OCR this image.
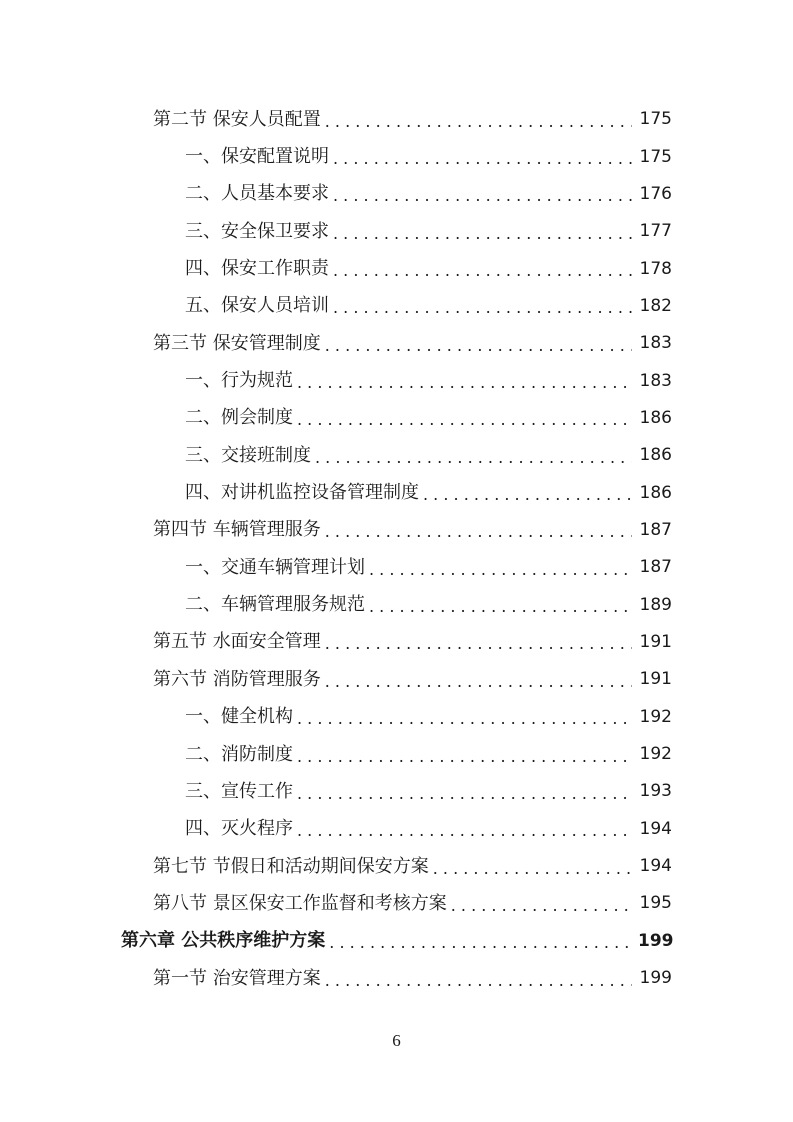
第二节 保安人员配置 . . .	175
一、保安配置说明 . . .	175
二、人员基本要求 . . .	176
三、安全保卫要求 . . .	177
四、保安工作职责 . . .	178
五、保安人员培训 . . .	182
第三节 保安管理制度 . . .	183
一、行为规范 . . .	183
二、例会制度 . . .	186
三、交接班制度 . . .	186
四、对讲机监控设备管理制度 . . .	186
第四节 车辆管理服务 . . .	187
一、交通车辆管理计划 . . .	187
二、车辆管理服务规范 . . .	189
第五节 水面安全管理 . . .	191
第六节 消防管理服务 . . .	191
一、健全机构 . . .	192
二、消防制度 . . .	192
三、宣传工作 . . .	193
四、灭火程序 . . .	194
第七节 节假日和活动期间保安方案 . . .	194
第八节 景区保安工作监督和考核方案 . . .	195
第六章 公共秩序维护方案 . . .	199
第一节 治安管理方案 . . .	199
6
